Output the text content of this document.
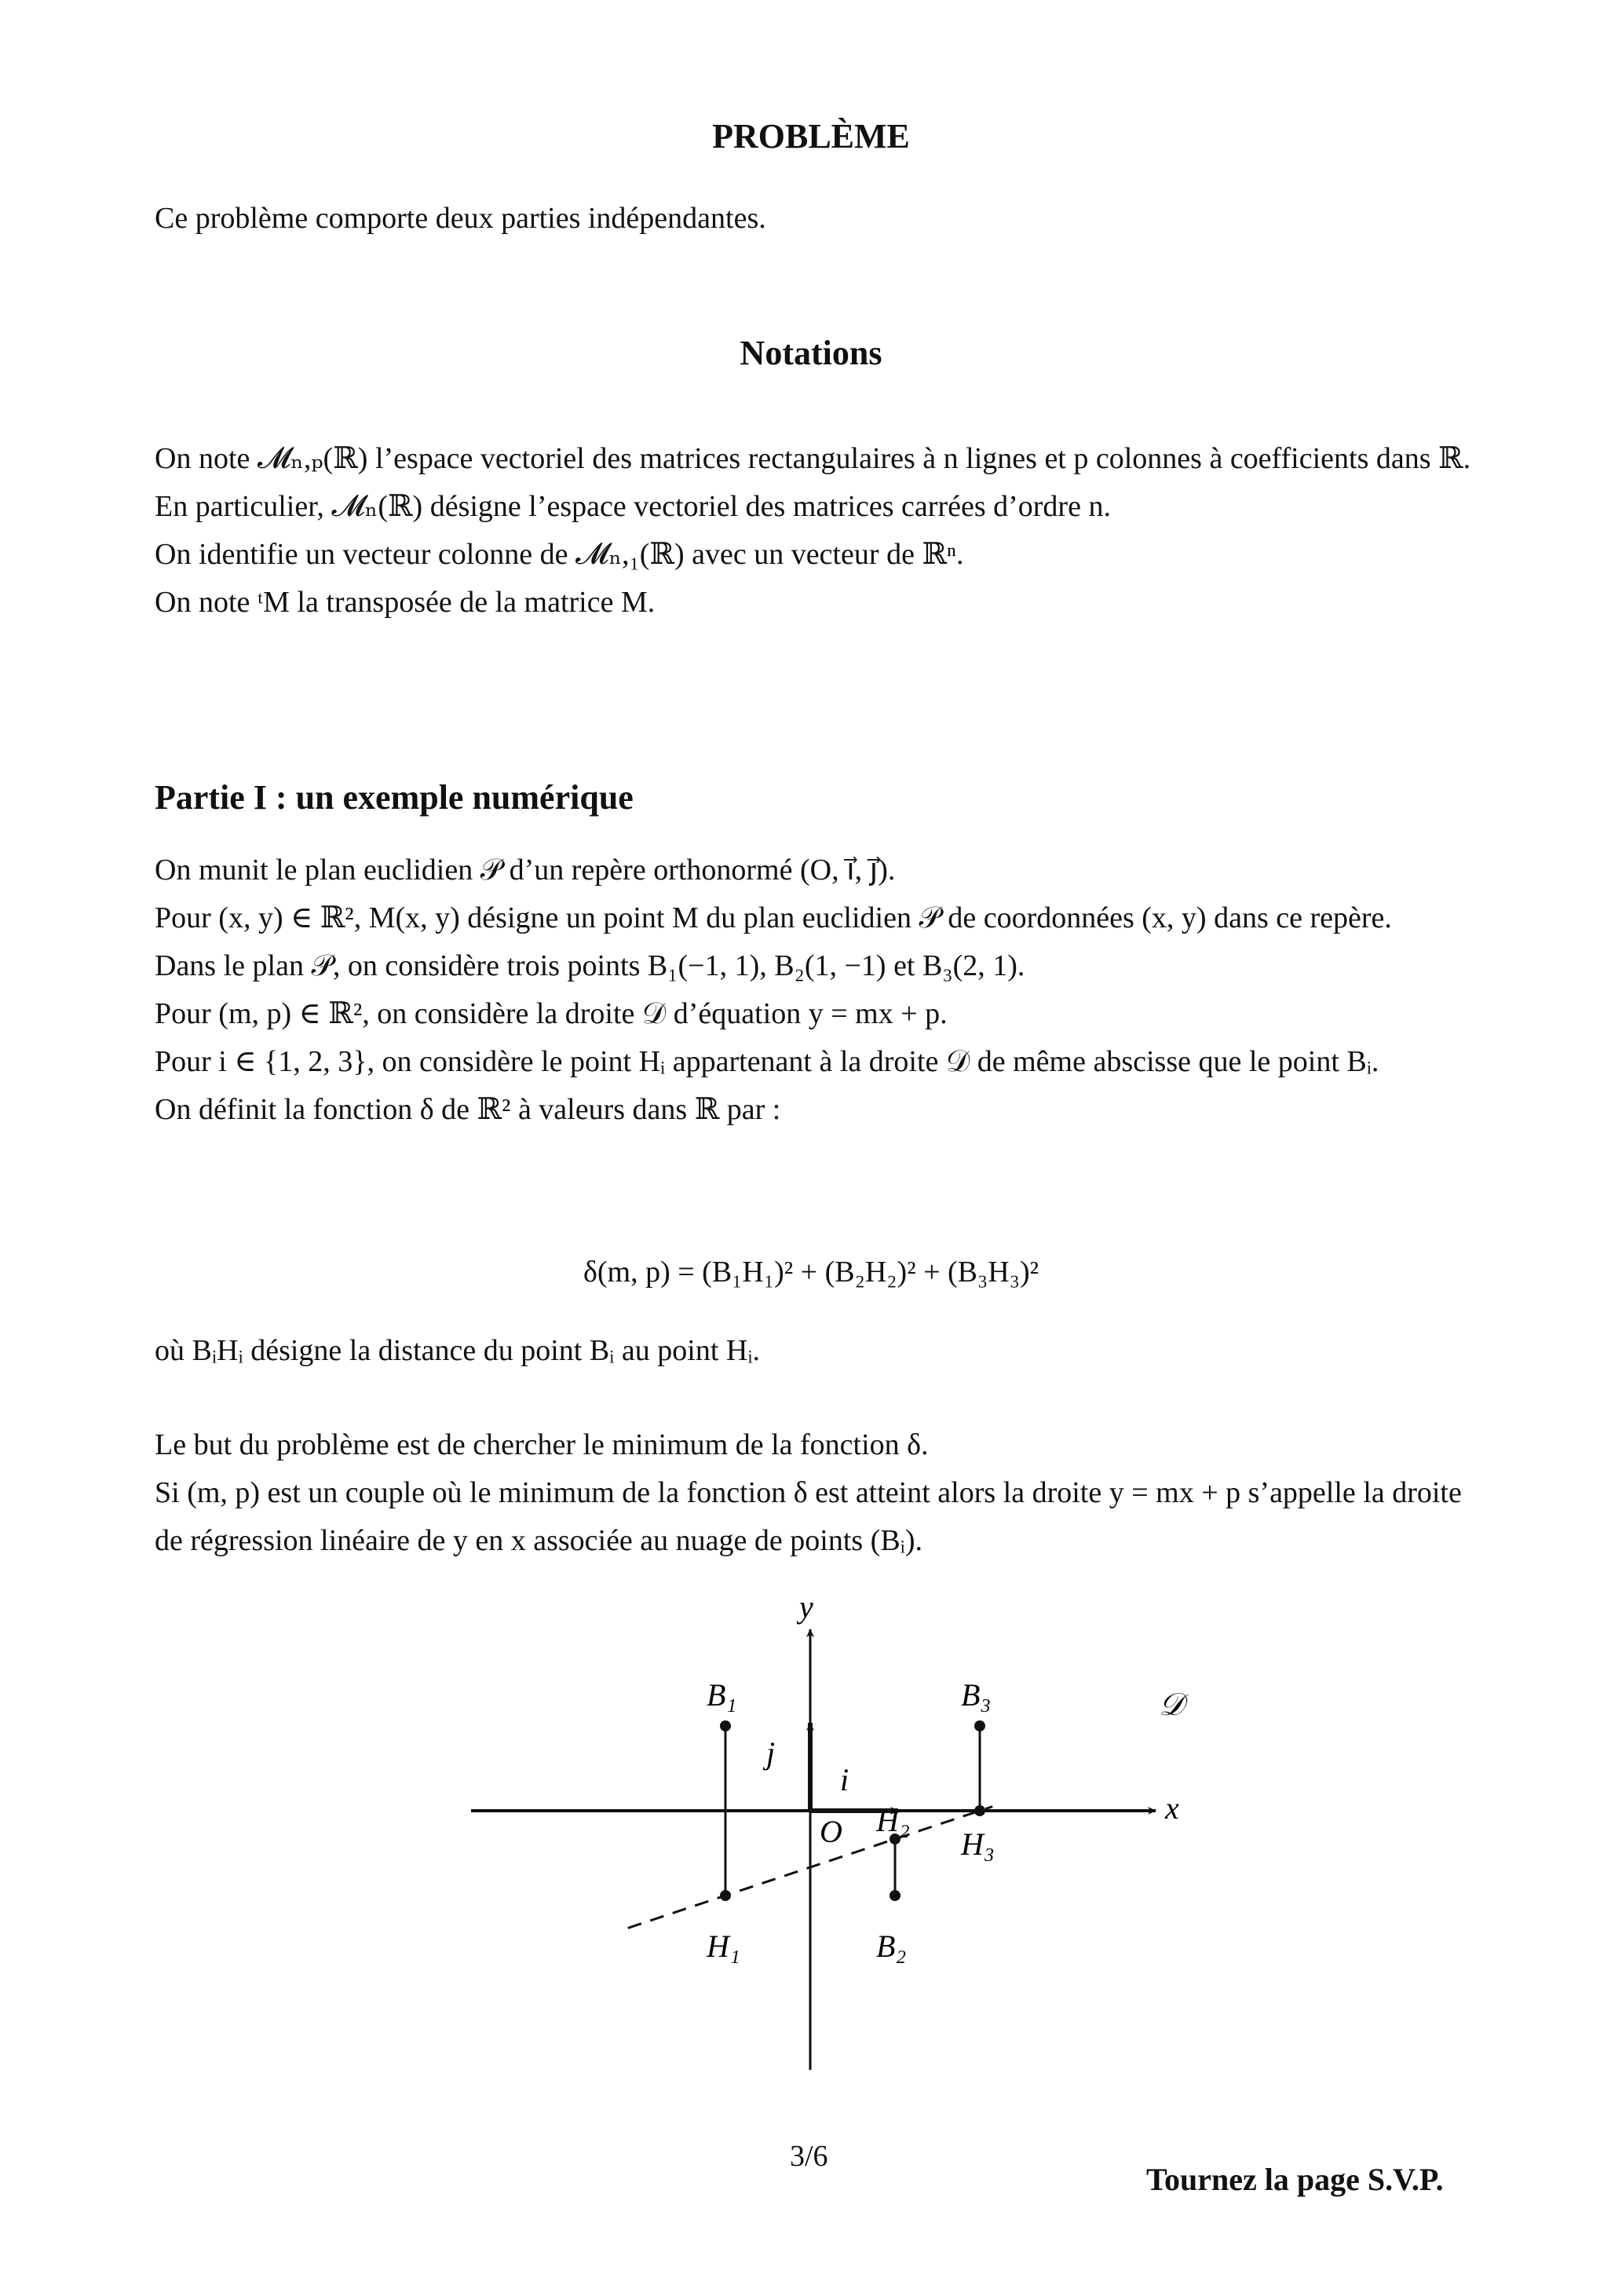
PROBLÈME

Ce problème comporte deux parties indépendantes.

Notations

On note 𝓜ₙ,ₚ(ℝ) l’espace vectoriel des matrices rectangulaires à n lignes et p colonnes à coefficients dans ℝ.

En particulier, 𝓜ₙ(ℝ) désigne l’espace vectoriel des matrices carrées d’ordre n.

On identifie un vecteur colonne de 𝓜ₙ,₁(ℝ) avec un vecteur de ℝⁿ.

On note ᵗM la transposée de la matrice M.

Partie I : un exemple numérique

On munit le plan euclidien 𝒫 d’un repère orthonormé (O, i⃗, j⃗).

Pour (x, y) ∈ ℝ², M(x, y) désigne un point M du plan euclidien 𝒫 de coordonnées (x, y) dans ce repère.

Dans le plan 𝒫, on considère trois points B₁(−1, 1), B₂(1, −1) et B₃(2, 1).

Pour (m, p) ∈ ℝ², on considère la droite 𝒟 d’équation y = mx + p.

Pour i ∈ {1, 2, 3}, on considère le point Hᵢ appartenant à la droite 𝒟 de même abscisse que le point Bᵢ.

On définit la fonction δ de ℝ² à valeurs dans ℝ par :

δ(m, p) = (B₁H₁)² + (B₂H₂)² + (B₃H₃)²

où BᵢHᵢ désigne la distance du point Bᵢ au point Hᵢ.

Le but du problème est de chercher le minimum de la fonction δ.

Si (m, p) est un couple où le minimum de la fonction δ est atteint alors la droite y = mx + p s’appelle la droite de régression linéaire de y en x associée au nuage de points (Bᵢ).

B₁
B₂
B₃
H₁
H₂
H₃
x
y
O
i⃗
j⃗
𝒟
3/6
Tournez la page S.V.P.
